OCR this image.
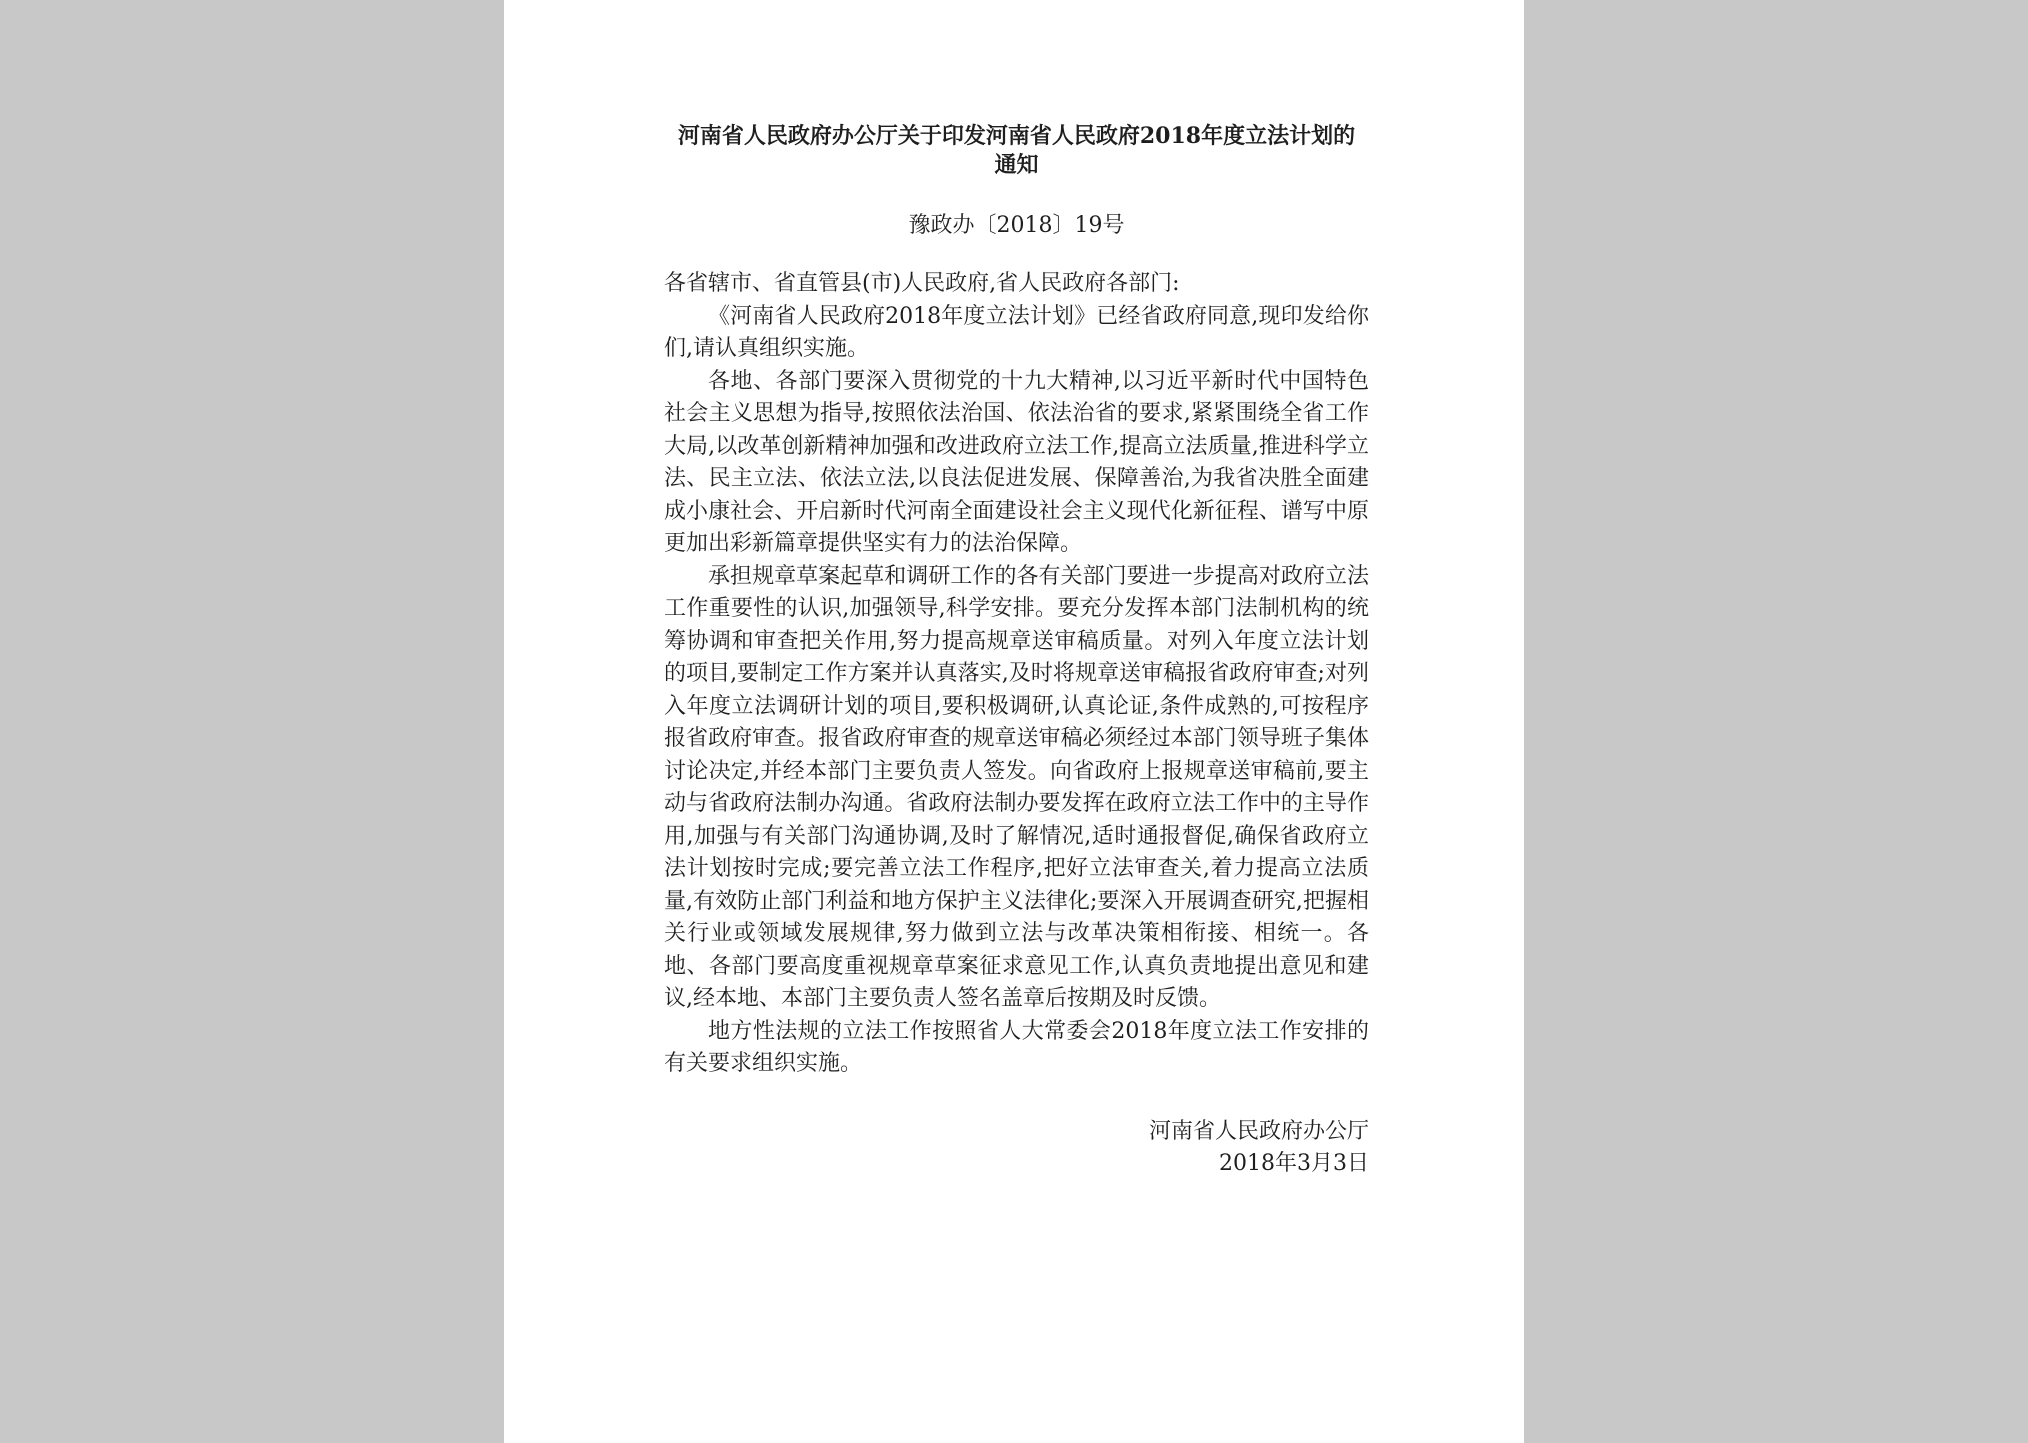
河南省人民政府办公厅关于印发河南省人民政府2018年度立法计划的通知
豫政办〔2018〕19号

各省辖市、省直管县(市)人民政府,省人民政府各部门:

《河南省人民政府2018年度立法计划》已经省政府同意,现印发给你们,请认真组织实施。

各地、各部门要深入贯彻党的十九大精神,以习近平新时代中国特色社会主义思想为指导,按照依法治国、依法治省的要求,紧紧围绕全省工作大局,以改革创新精神加强和改进政府立法工作,提高立法质量,推进科学立法、民主立法、依法立法,以良法促进发展、保障善治,为我省决胜全面建成小康社会、开启新时代河南全面建设社会主义现代化新征程、谱写中原更加出彩新篇章提供坚实有力的法治保障。

承担规章草案起草和调研工作的各有关部门要进一步提高对政府立法工作重要性的认识,加强领导,科学安排。要充分发挥本部门法制机构的统筹协调和审查把关作用,努力提高规章送审稿质量。对列入年度立法计划的项目,要制定工作方案并认真落实,及时将规章送审稿报省政府审查;对列入年度立法调研计划的项目,要积极调研,认真论证,条件成熟的,可按程序报省政府审查。报省政府审查的规章送审稿必须经过本部门领导班子集体讨论决定,并经本部门主要负责人签发。向省政府上报规章送审稿前,要主动与省政府法制办沟通。省政府法制办要发挥在政府立法工作中的主导作用,加强与有关部门沟通协调,及时了解情况,适时通报督促,确保省政府立法计划按时完成;要完善立法工作程序,把好立法审查关,着力提高立法质量,有效防止部门利益和地方保护主义法律化;要深入开展调查研究,把握相关行业或领域发展规律,努力做到立法与改革决策相衔接、相统一。各地、各部门要高度重视规章草案征求意见工作,认真负责地提出意见和建议,经本地、本部门主要负责人签名盖章后按期及时反馈。

地方性法规的立法工作按照省人大常委会2018年度立法工作安排的有关要求组织实施。

河南省人民政府办公厅
2018年3月3日
